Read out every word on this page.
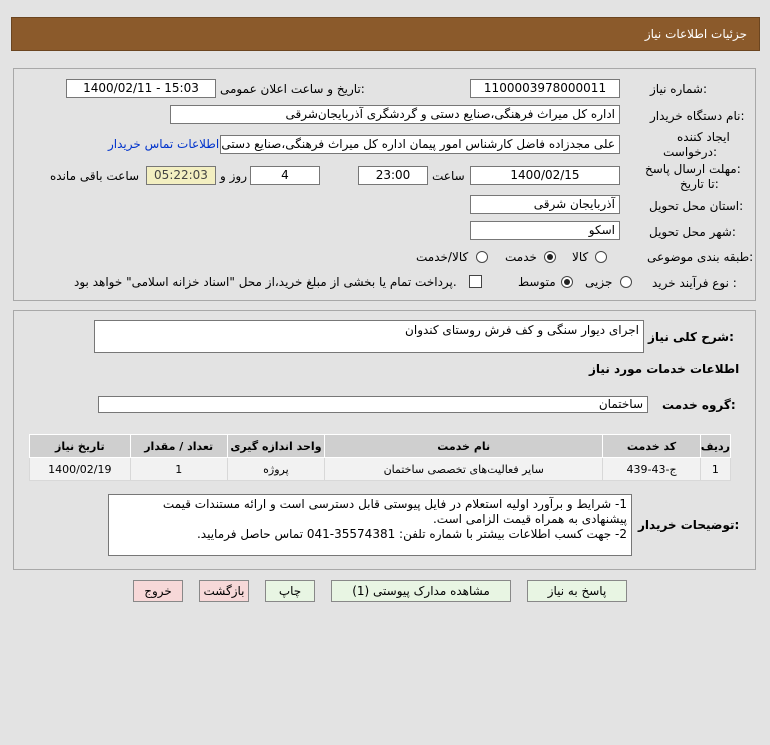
جزئیات اطلاعات نیاز
شماره نیاز:
1100003978000011
تاریخ و ساعت اعلان عمومی:
1400/02/11 - 15:03
نام دستگاه خریدار:
اداره کل میراث فرهنگی،صنایع دستی و گردشگری آذربایجان‌شرقی
ایجاد کننده
درخواست:
علی مجدزاده فاضل کارشناس امور پیمان اداره کل میراث فرهنگی،صنایع دستی
اطلاعات تماس خریدار
مهلت ارسال پاسخ:
تا تاریخ:
1400/02/15
ساعت
23:00
4
روز و
05:22:03
ساعت باقی مانده
استان محل تحویل:
آذربایجان شرقی
شهر محل تحویل:
اسکو
طبقه بندی موضوعی:
کالا
خدمت
کالا/خدمت
نوع فرآیند خرید :
جزیی
متوسط
پرداخت تمام یا بخشی از مبلغ خرید،از محل "اسناد خزانه اسلامی" خواهد بود.
شرح کلی نیاز:
اجرای دیوار سنگی و کف فرش روستای کندوان
اطلاعات خدمات مورد نیاز
گروه خدمت:
ساختمان
ردیف	کد خدمت	نام خدمت	واحد اندازه گیری	تعداد / مقدار	تاریخ نیاز
1	ج-43-439	سایر فعالیت‌های تخصصی ساختمان	پروژه	1	1400/02/19
توضیحات خریدار:
1- شرایط و برآورد اولیه استعلام در فایل پیوستی قابل دسترسی است و ارائه مستندات قیمت
پیشنهادی به همراه قیمت الزامی است.
2- جهت کسب اطلاعات بیشتر با شماره تلفن: 35574381-041 تماس حاصل فرمایید.
پاسخ به نیاز
مشاهده مدارک پیوستی (1)
چاپ
بازگشت
خروج
